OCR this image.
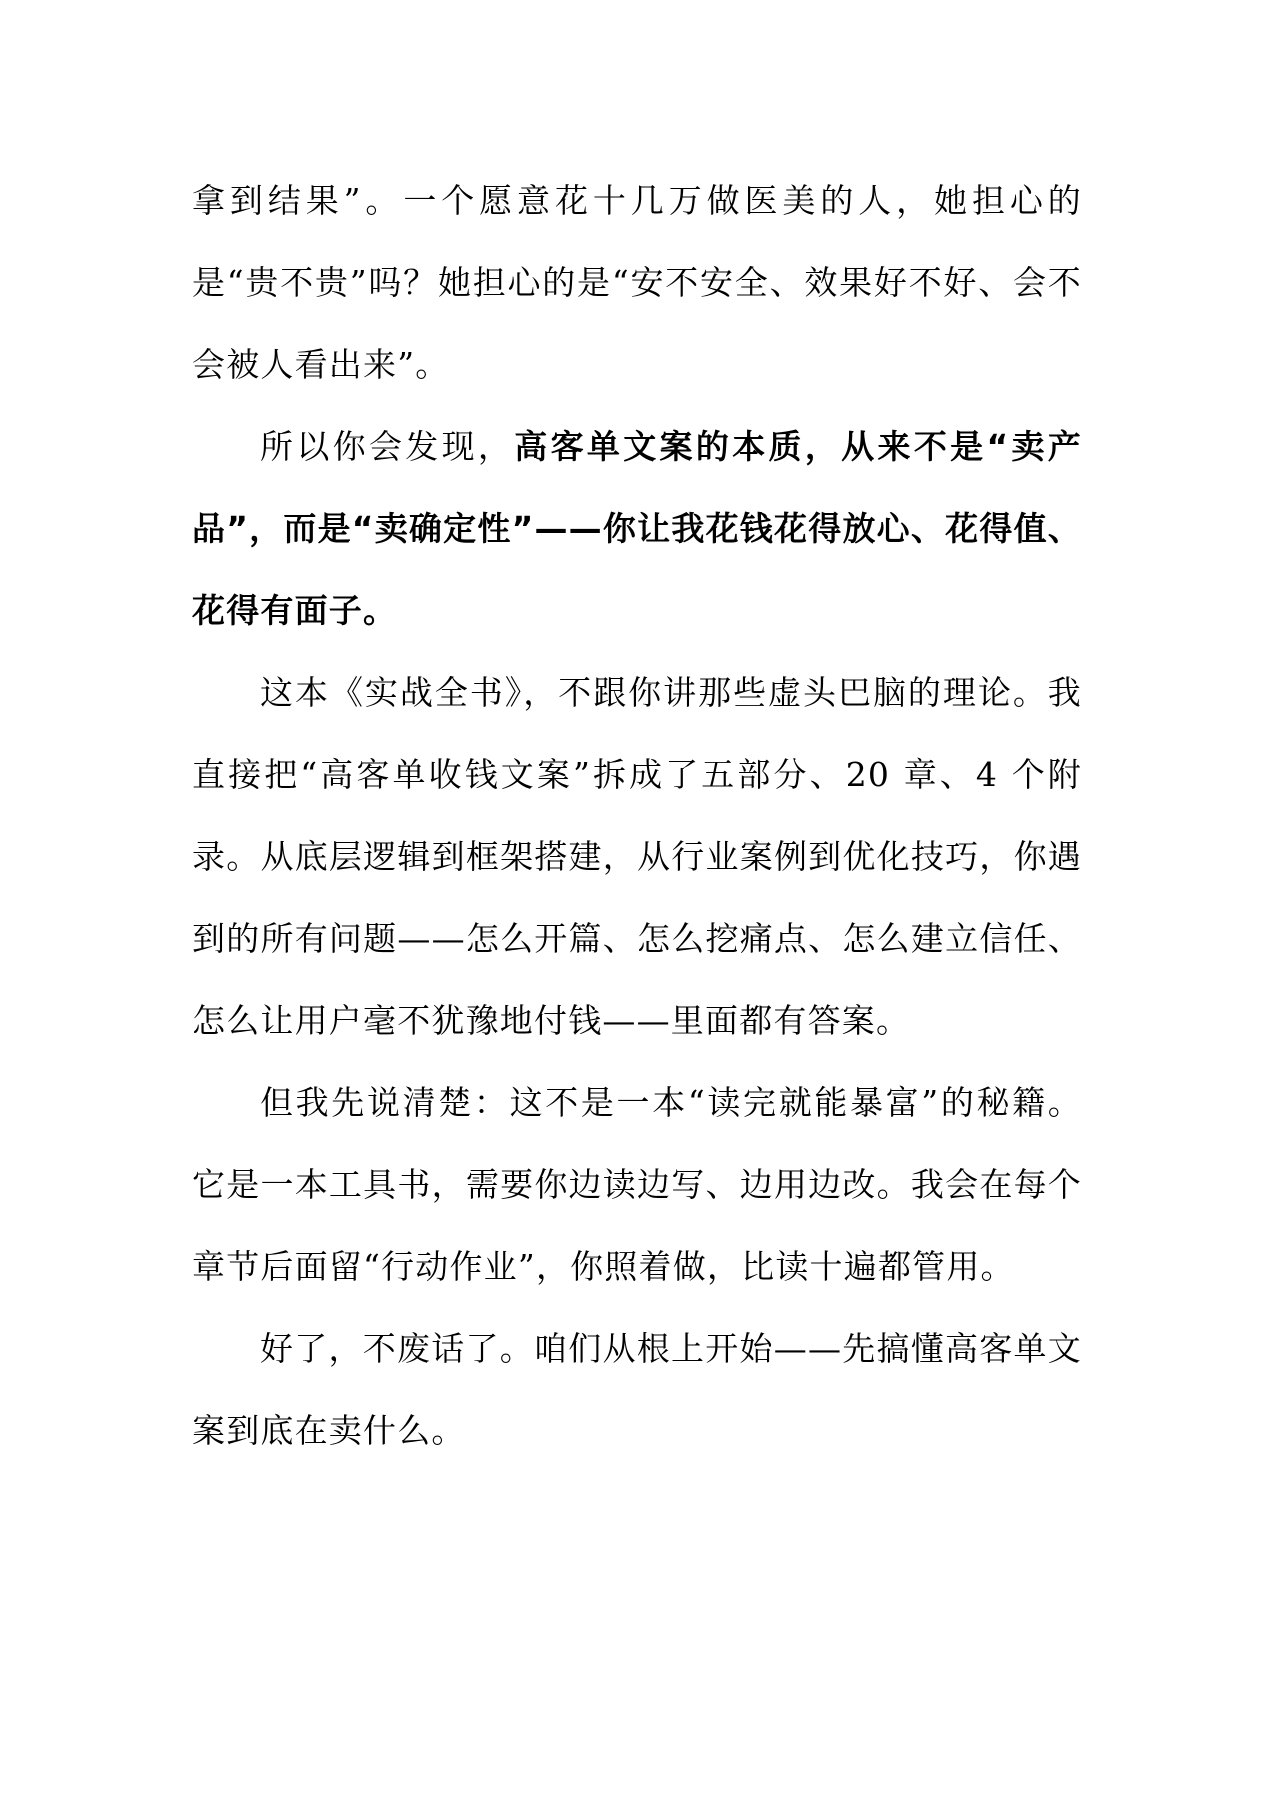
拿到结果”。一个愿意花十几万做医美的人，她担心的是“贵不贵”吗？她担心的是“安不安全、效果好不好、会不会被人看出来”。

所以你会发现，高客单文案的本质，从来不是“卖产品”，而是“卖确定性”——你让我花钱花得放心、花得值、花得有面子。

这本《实战全书》，不跟你讲那些虚头巴脑的理论。我直接把“高客单收钱文案”拆成了五部分、20 章、4 个附录。从底层逻辑到框架搭建，从行业案例到优化技巧，你遇到的所有问题——怎么开篇、怎么挖痛点、怎么建立信任、怎么让用户毫不犹豫地付钱——里面都有答案。

但我先说清楚：这不是一本“读完就能暴富”的秘籍。它是一本工具书，需要你边读边写、边用边改。我会在每个章节后面留“行动作业”，你照着做，比读十遍都管用。

好了，不废话了。咱们从根上开始——先搞懂高客单文案到底在卖什么。
